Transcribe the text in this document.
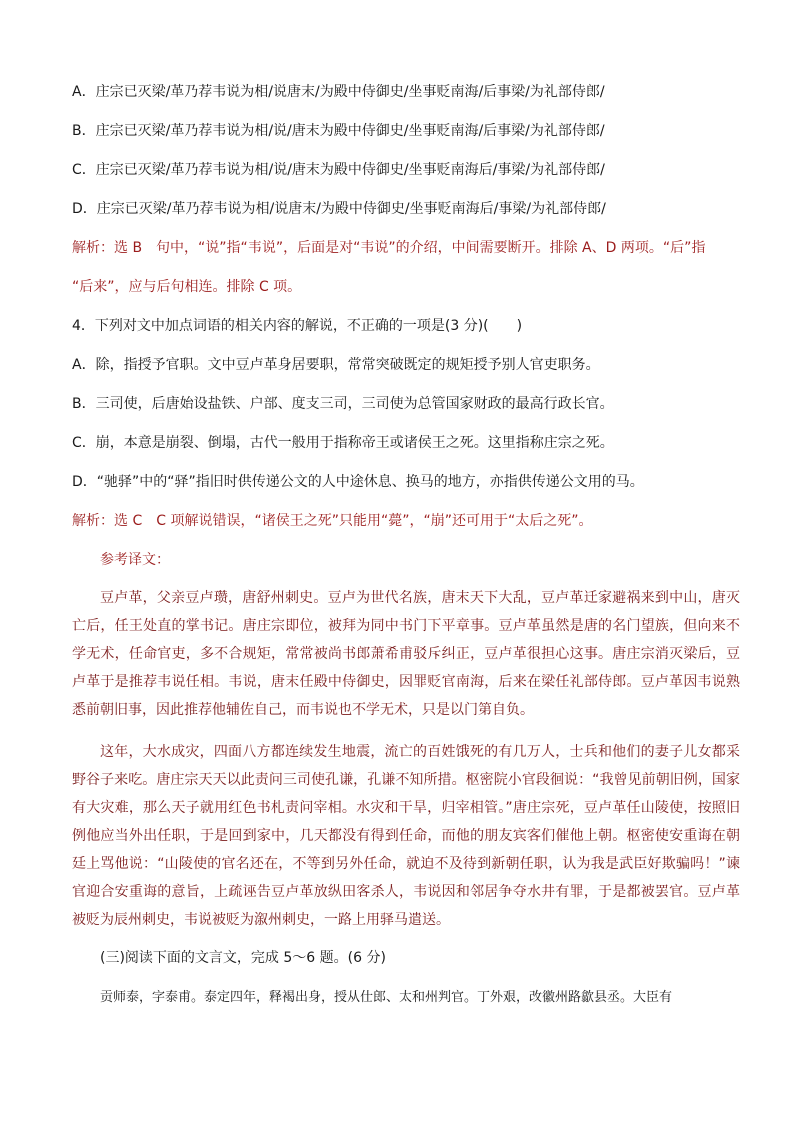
A．庄宗已灭梁/革乃荐韦说为相/说唐末/为殿中侍御史/坐事贬南海/后事梁/为礼部侍郎/
B．庄宗已灭梁/革乃荐韦说为相/说/唐末为殿中侍御史/坐事贬南海/后事梁/为礼部侍郎/
C．庄宗已灭梁/革乃荐韦说为相/说/唐末为殿中侍御史/坐事贬南海后/事梁/为礼部侍郎/
D．庄宗已灭梁/革乃荐韦说为相/说唐末/为殿中侍御史/坐事贬南海后/事梁/为礼部侍郎/
解析：选 B　句中，“说”指“韦说”，后面是对“韦说”的介绍，中间需要断开。排除 A、D 两项。“后”指
“后来”，应与后句相连。排除 C 项。
4．下列对文中加点词语的相关内容的解说，不正确的一项是(3 分)(　　)
A．除，指授予官职。文中豆卢革身居要职，常常突破既定的规矩授予别人官吏职务。
B．三司使，后唐始设盐铁、户部、度支三司，三司使为总管国家财政的最高行政长官。
C．崩，本意是崩裂、倒塌，古代一般用于指称帝王或诸侯王之死。这里指称庄宗之死。
D．“驰驿”中的“驿”指旧时供传递公文的人中途休息、换马的地方，亦指供传递公文用的马。
解析：选 C　C 项解说错误，“诸侯王之死”只能用“薨”，“崩”还可用于“太后之死”。
参考译文：

豆卢革，父亲豆卢瓒，唐舒州刺史。豆卢为世代名族，唐末天下大乱，豆卢革迁家避祸来到中山，唐灭亡后，任王处直的掌书记。唐庄宗即位，被拜为同中书门下平章事。豆卢革虽然是唐的名门望族，但向来不学无术，任命官吏，多不合规矩，常常被尚书郎萧希甫驳斥纠正，豆卢革很担心这事。唐庄宗消灭梁后，豆卢革于是推荐韦说任相。韦说，唐末任殿中侍御史，因罪贬官南海，后来在梁任礼部侍郎。豆卢革因韦说熟悉前朝旧事，因此推荐他辅佐自己，而韦说也不学无术，只是以门第自负。

这年，大水成灾，四面八方都连续发生地震，流亡的百姓饿死的有几万人，士兵和他们的妻子儿女都采野谷子来吃。唐庄宗天天以此责问三司使孔谦，孔谦不知所措。枢密院小官段徊说：“我曾见前朝旧例，国家有大灾难，那么天子就用红色书札责问宰相。水灾和干旱，归宰相管。”唐庄宗死，豆卢革任山陵使，按照旧例他应当外出任职，于是回到家中，几天都没有得到任命，而他的朋友宾客们催他上朝。枢密使安重诲在朝廷上骂他说：“山陵使的官名还在，不等到另外任命，就迫不及待到新朝任职，认为我是武臣好欺骗吗！”谏官迎合安重诲的意旨，上疏诬告豆卢革放纵田客杀人，韦说因和邻居争夺水井有罪，于是都被罢官。豆卢革被贬为辰州刺史，韦说被贬为溆州刺史，一路上用驿马遣送。

(三)阅读下面的文言文，完成 5～6 题。(6 分)
贡师泰，字泰甫。泰定四年，释褐出身，授从仕郎、太和州判官。丁外艰，改徽州路歙县丞。大臣有
